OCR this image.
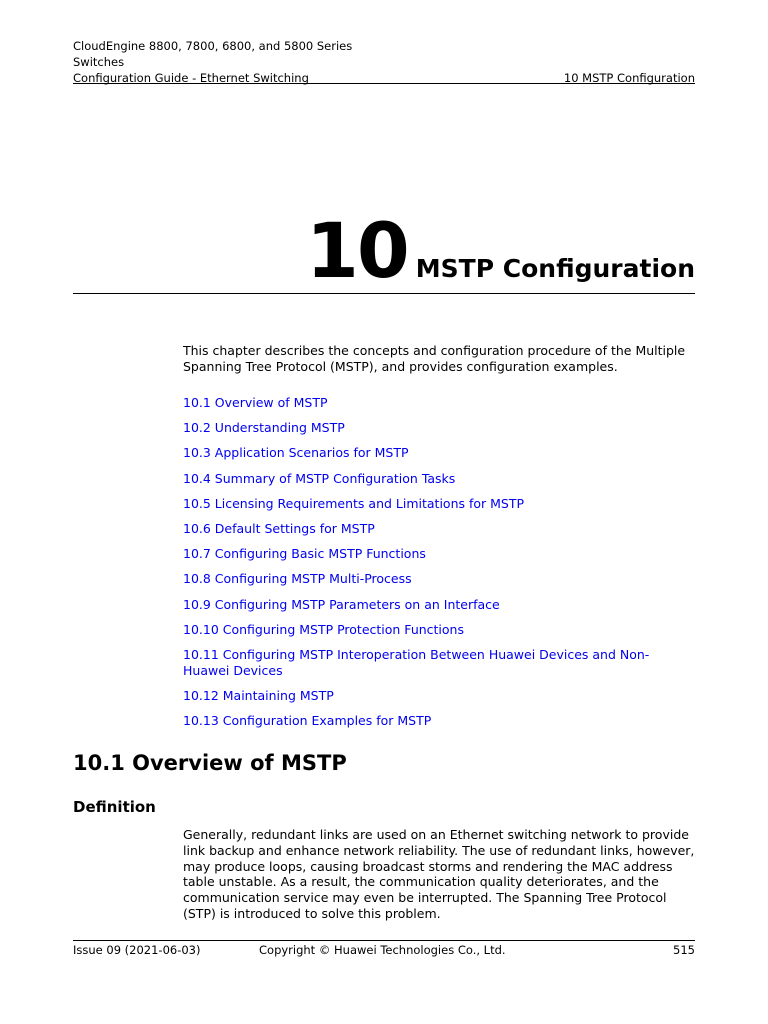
CloudEngine 8800, 7800, 6800, and 5800 Series
Switches
Configuration Guide - Ethernet Switching	10 MSTP Configuration
10 MSTP Configuration

This chapter describes the concepts and configuration procedure of the Multiple Spanning Tree Protocol (MSTP), and provides configuration examples.

10.1 Overview of MSTP
10.2 Understanding MSTP
10.3 Application Scenarios for MSTP
10.4 Summary of MSTP Configuration Tasks
10.5 Licensing Requirements and Limitations for MSTP
10.6 Default Settings for MSTP
10.7 Configuring Basic MSTP Functions
10.8 Configuring MSTP Multi-Process
10.9 Configuring MSTP Parameters on an Interface
10.10 Configuring MSTP Protection Functions
10.11 Configuring MSTP Interoperation Between Huawei Devices and Non-Huawei Devices
10.12 Maintaining MSTP
10.13 Configuration Examples for MSTP
10.1 Overview of MSTP
Definition

Generally, redundant links are used on an Ethernet switching network to provide link backup and enhance network reliability. The use of redundant links, however, may produce loops, causing broadcast storms and rendering the MAC address table unstable. As a result, the communication quality deteriorates, and the communication service may even be interrupted. The Spanning Tree Protocol (STP) is introduced to solve this problem.

Issue 09 (2021-06-03)	Copyright © Huawei Technologies Co., Ltd.	515
